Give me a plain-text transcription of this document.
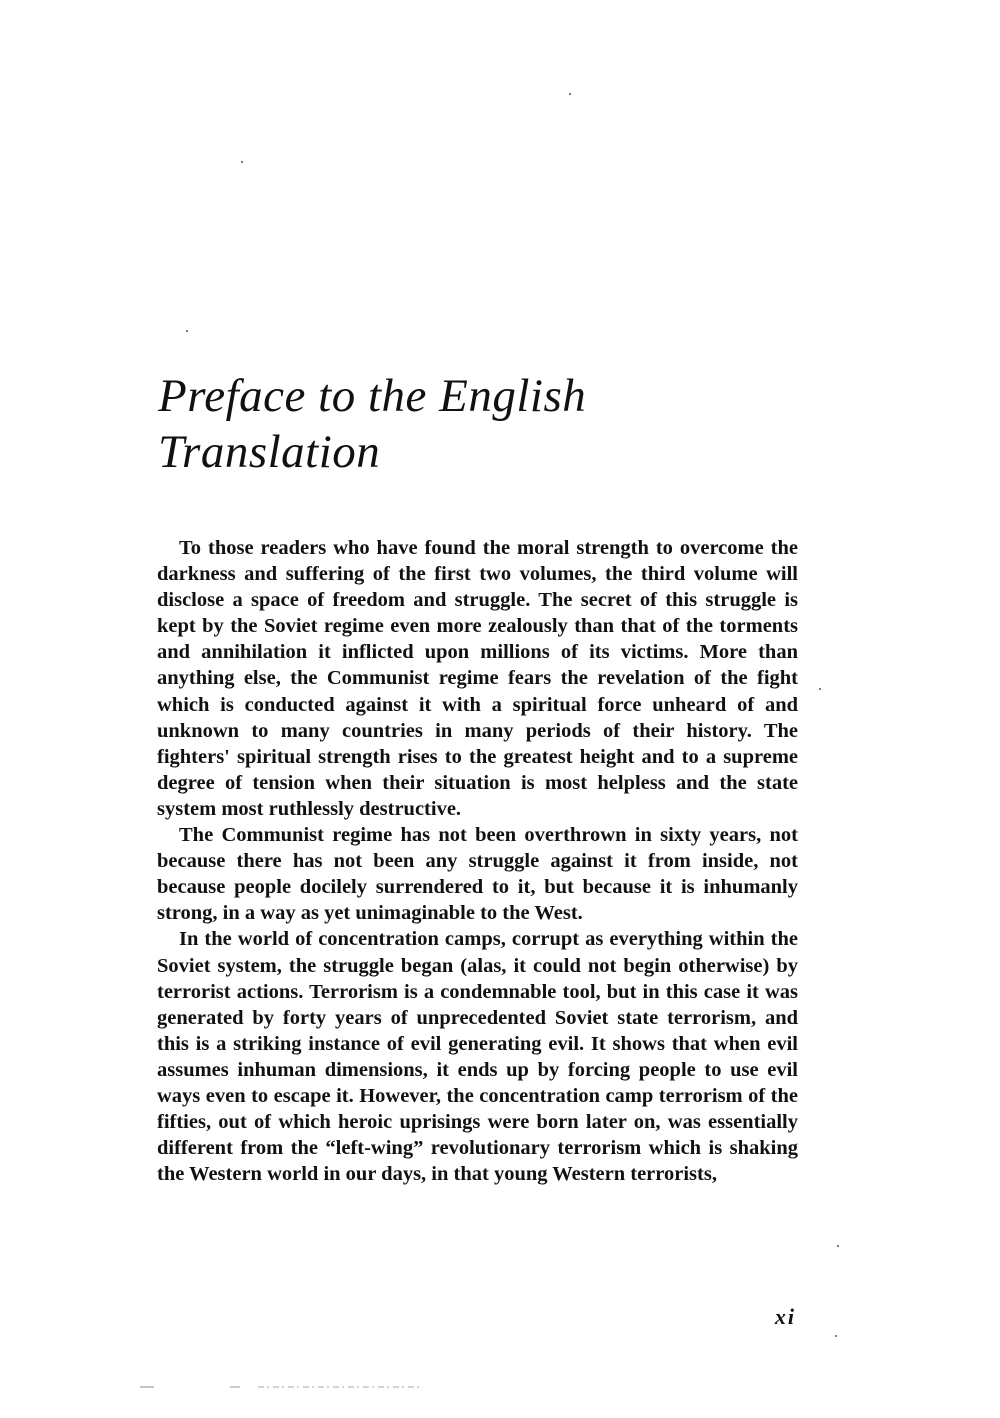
Preface to the English
Translation

To those readers who have found the moral strength to overcome the darkness and suffering of the first two volumes, the third volume will disclose a space of freedom and struggle. The secret of this struggle is kept by the Soviet regime even more zealously than that of the torments and annihilation it inflicted upon millions of its victims. More than anything else, the Communist regime fears the revelation of the fight which is conducted against it with a spiritual force unheard of and unknown to many countries in many periods of their history. The fighters' spiritual strength rises to the greatest height and to a supreme degree of tension when their situation is most helpless and the state system most ruthlessly destructive.

The Communist regime has not been overthrown in sixty years, not because there has not been any struggle against it from inside, not because people docilely surrendered to it, but because it is inhumanly strong, in a way as yet unimaginable to the West.

In the world of concentration camps, corrupt as everything within the Soviet system, the struggle began (alas, it could not begin otherwise) by terrorist actions. Terrorism is a condemnable tool, but in this case it was generated by forty years of unprecedented Soviet state terrorism, and this is a striking instance of evil generating evil. It shows that when evil assumes inhuman dimensions, it ends up by forcing people to use evil ways even to escape it. However, the concentration camp terrorism of the fifties, out of which heroic uprisings were born later on, was essentially different from the “left-wing” revolutionary terrorism which is shaking the Western world in our days, in that young Western terrorists,

xi
